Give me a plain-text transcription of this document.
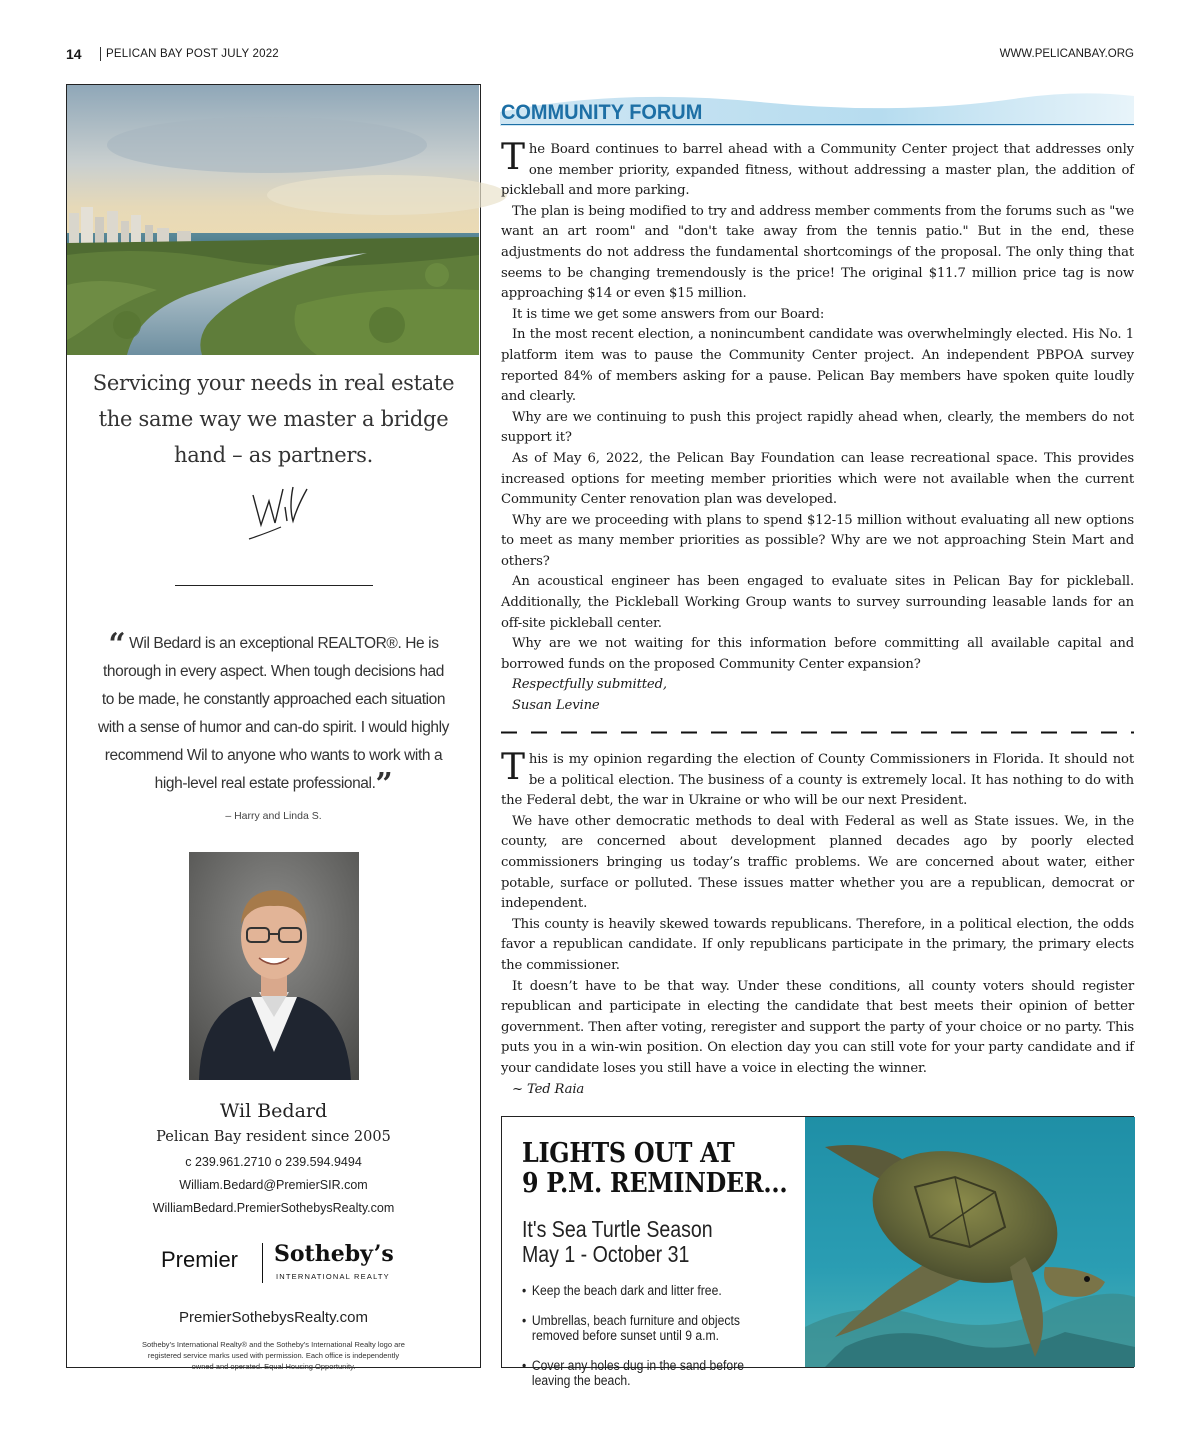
14 PELICAN BAY POST JULY 2022	WWW.PELICANBAY.ORG
Servicing your needs in real estate
the same way we master a bridge
hand – as partners.
“ Wil Bedard is an exceptional REALTOR®. He is
thorough in every aspect. When tough decisions had
to be made, he constantly approached each situation
with a sense of humor and can-do spirit. I would highly
recommend Wil to anyone who wants to work with a
high-level real estate professional.”
– Harry and Linda S.
Wil Bedard
Pelican Bay resident since 2005
c 239.961.2710 o 239.594.9494
William.Bedard@PremierSIR.com
WilliamBedard.PremierSothebysRealty.com
Premier Sotheby’s
INTERNATIONAL REALTY
PremierSothebysRealty.com
Sotheby’s International Realty® and the Sotheby’s International Realty logo are
registered service marks used with permission. Each office is independently
owned and operated. Equal Housing Opportunity.
COMMUNITY FORUM

The Board continues to barrel ahead with a Community Center project that addresses only one member priority, expanded fitness, without addressing a master plan, the addition of pickleball and more parking.

The plan is being modified to try and address member comments from the forums such as "we want an art room" and "don't take away from the tennis patio." But in the end, these adjustments do not address the fundamental shortcomings of the proposal. The only thing that seems to be changing tremendously is the price! The original $11.7 million price tag is now approaching $14 or even $15 million.

It is time we get some answers from our Board:

In the most recent election, a nonincumbent candidate was overwhelmingly elected. His No. 1 platform item was to pause the Community Center project. An independent PBPOA survey reported 84% of members asking for a pause. Pelican Bay members have spoken quite loudly and clearly.

Why are we continuing to push this project rapidly ahead when, clearly, the members do not support it?

As of May 6, 2022, the Pelican Bay Foundation can lease recreational space. This provides increased options for meeting member priorities which were not available when the current Community Center renovation plan was developed.

Why are we proceeding with plans to spend $12-15 million without evaluating all new options to meet as many member priorities as possible? Why are we not approaching Stein Mart and others?

An acoustical engineer has been engaged to evaluate sites in Pelican Bay for pickleball. Additionally, the Pickleball Working Group wants to survey surrounding leasable lands for an off-site pickleball center.

Why are we not waiting for this information before committing all available capital and borrowed funds on the proposed Community Center expansion?

Respectfully submitted,

Susan Levine

This is my opinion regarding the election of County Commissioners in Florida. It should not be a political election. The business of a county is extremely local. It has nothing to do with the Federal debt, the war in Ukraine or who will be our next President.

We have other democratic methods to deal with Federal as well as State issues. We, in the county, are concerned about development planned decades ago by poorly elected commissioners bringing us today’s traffic problems. We are concerned about water, either potable, surface or polluted. These issues matter whether you are a republican, democrat or independent.

This county is heavily skewed towards republicans. Therefore, in a political election, the odds favor a republican candidate. If only republicans participate in the primary, the primary elects the commissioner.

It doesn’t have to be that way. Under these conditions, all county voters should register republican and participate in electing the candidate that best meets their opinion of better government. Then after voting, reregister and support the party of your choice or no party. This puts you in a win-win position. On election day you can still vote for your party candidate and if your candidate loses you still have a voice in electing the winner.

~ Ted Raia

LIGHTS OUT AT
9 P.M. REMINDER...
It's Sea Turtle Season
May 1 - October 31
• Keep the beach dark and litter free.
• Umbrellas, beach furniture and objects removed before sunset until 9 a.m.
• Cover any holes dug in the sand before leaving the beach.
